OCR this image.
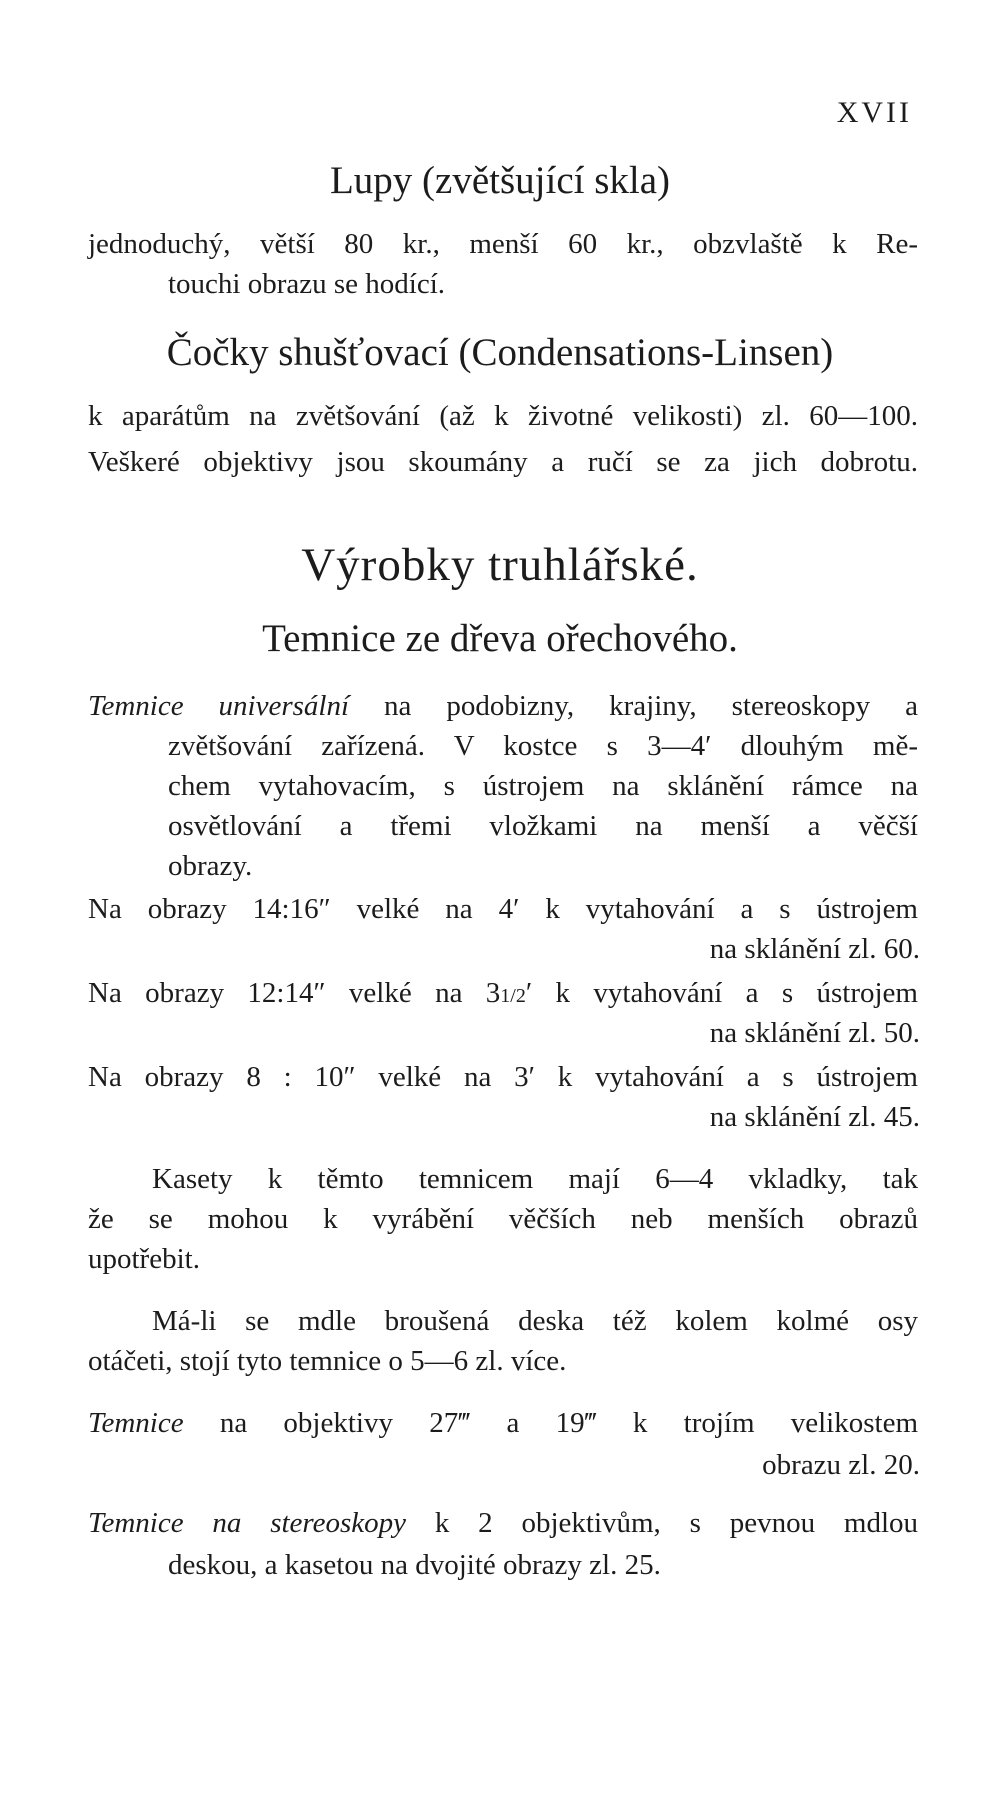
XVII
Lupy (zvětšující skla)
jednoduchý, větší 80 kr., menší 60 kr., obzvlaště k Re-
touchi obrazu se hodící.
Čočky shušťovací (Condensations-Linsen)
k aparátům na zvětšování (až k životné velikosti) zl. 60—100.
Veškeré objektivy jsou skoumány a ručí se za jich dobrotu.
Výrobky truhlářské.
Temnice ze dřeva ořechového.
Temnice universální na podobizny, krajiny, stereoskopy a
zvětšování zařízená. V kostce s 3—4′ dlouhým mě-
chem vytahovacím, s ústrojem na sklánění rámce na
osvětlování a třemi vložkami na menší a věčší
obrazy.
Na obrazy 14:16″ velké na 4′ k vytahování a s ústrojem
na sklánění zl. 60.
Na obrazy 12:14″ velké na 31/2′ k vytahování a s ústrojem
na sklánění zl. 50.
Na obrazy 8 : 10″ velké na 3′ k vytahování a s ústrojem
na sklánění zl. 45.
Kasety k těmto temnicem mají 6—4 vkladky, tak
že se mohou k vyrábění věčších neb menších obrazů
upotřebit.
Má-li se mdle broušená deska též kolem kolmé osy
otáčeti, stojí tyto temnice o 5—6 zl. více.
Temnice na objektivy 27‴ a 19‴ k trojím velikostem
obrazu zl. 20.
Temnice na stereoskopy k 2 objektivům, s pevnou mdlou
deskou, a kasetou na dvojité obrazy zl. 25.
